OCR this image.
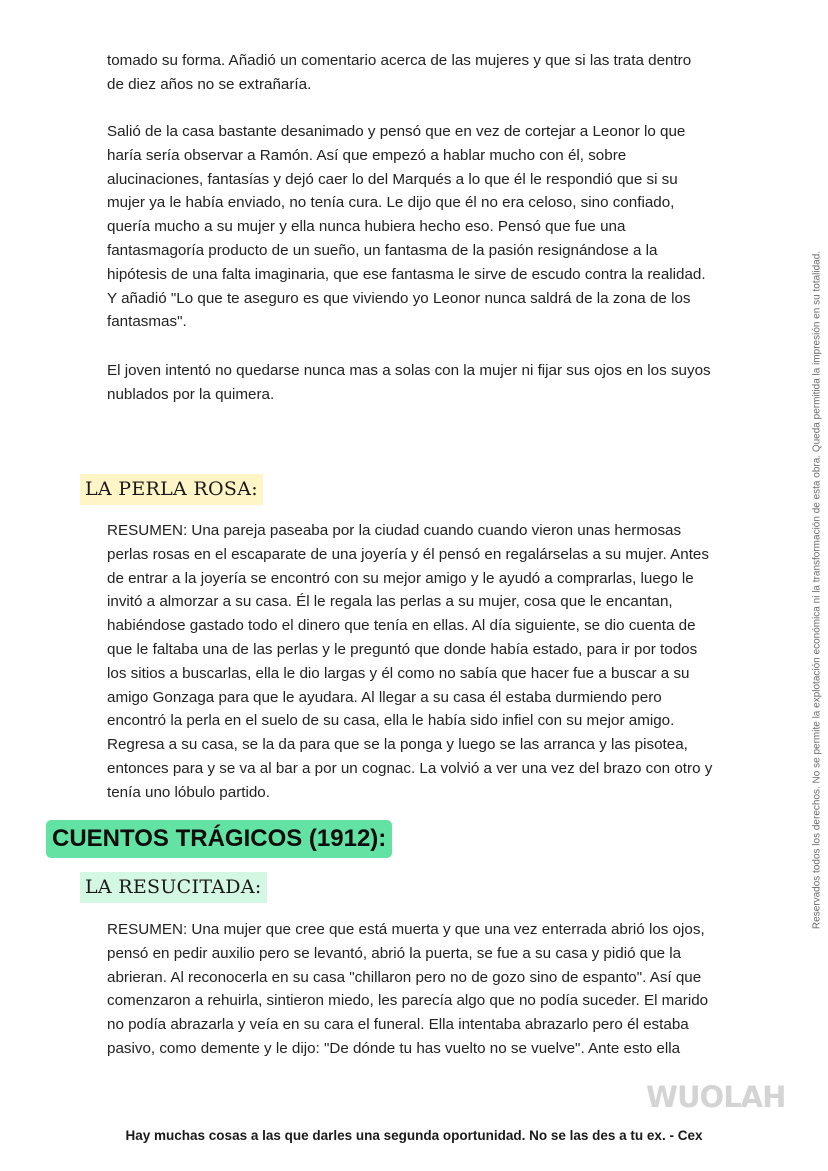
tomado su forma. Añadió un comentario acerca de las mujeres y que si las trata dentro
de diez años no se extrañaría.

Salió de la casa bastante desanimado y pensó que en vez de cortejar a Leonor lo que
haría sería observar a Ramón. Así que empezó a hablar mucho con él, sobre
alucinaciones, fantasías y dejó caer lo del Marqués a lo que él le respondió que si su
mujer ya le había enviado, no tenía cura. Le dijo que él no era celoso, sino confiado,
quería mucho a su mujer y ella nunca hubiera hecho eso. Pensó que fue una
fantasmagoría producto de un sueño, un fantasma de la pasión resignándose a la
hipótesis de una falta imaginaria, que ese fantasma le sirve de escudo contra la realidad.
Y añadió "Lo que te aseguro es que viviendo yo Leonor nunca saldrá de la zona de los
fantasmas".

El joven intentó no quedarse nunca mas a solas con la mujer ni fijar sus ojos en los suyos
nublados por la quimera.

LA PERLA ROSA:

RESUMEN: Una pareja paseaba por la ciudad cuando cuando vieron unas hermosas
perlas rosas en el escaparate de una joyería y él pensó en regalárselas a su mujer. Antes
de entrar a la joyería se encontró con su mejor amigo y le ayudó a comprarlas, luego le
invitó a almorzar a su casa. Él le regala las perlas a su mujer, cosa que le encantan,
habiéndose gastado todo el dinero que tenía en ellas. Al día siguiente, se dio cuenta de
que le faltaba una de las perlas y le preguntó que donde había estado, para ir por todos
los sitios a buscarlas, ella le dio largas y él como no sabía que hacer fue a buscar a su
amigo Gonzaga para que le ayudara. Al llegar a su casa él estaba durmiendo pero
encontró la perla en el suelo de su casa, ella le había sido infiel con su mejor amigo.
Regresa a su casa, se la da para que se la ponga y luego se las arranca y las pisotea,
entonces para y se va al bar a por un cognac. La volvió a ver una vez del brazo con otro y
tenía uno lóbulo partido.

CUENTOS TRÁGICOS (1912):
LA RESUCITADA:

RESUMEN: Una mujer que cree que está muerta y que una vez enterrada abrió los ojos,
pensó en pedir auxilio pero se levantó, abrió la puerta, se fue a su casa y pidió que la
abrieran. Al reconocerla en su casa "chillaron pero no de gozo sino de espanto". Así que
comenzaron a rehuirla, sintieron miedo, les parecía algo que no podía suceder. El marido
no podía abrazarla y veía en su cara el funeral. Ella intentaba abrazarlo pero él estaba
pasivo, como demente y le dijo: "De dónde tu has vuelto no se vuelve". Ante esto ella

Reservados todos los derechos. No se permite la explotación económica ni la transformación de esta obra. Queda permitida la impresión en su totalidad.
WUOLAH
Hay muchas cosas a las que darles una segunda oportunidad. No se las des a tu ex. - Cex
